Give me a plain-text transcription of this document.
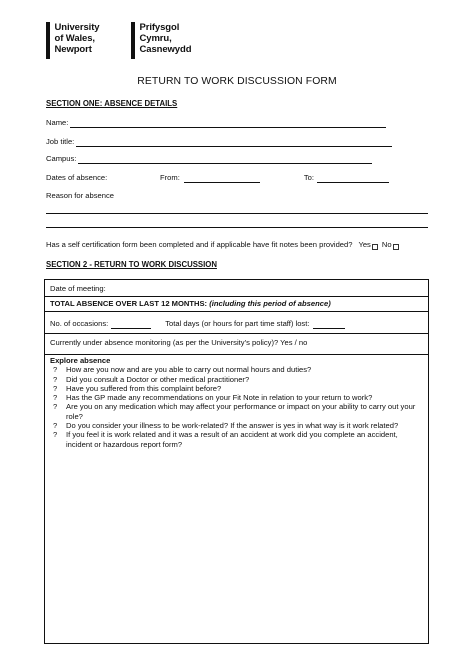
University
of Wales,
Newport
Prifysgol
Cymru,
Casnewydd
RETURN TO WORK DISCUSSION FORM
SECTION ONE: ABSENCE DETAILS
Name:
Job title:
Campus:
Dates of absence:	From:	To:
Reason for absence
Has a self certification form been completed and if applicable have fit notes been provided? Yes No
SECTION 2 - RETURN TO WORK DISCUSSION
Date of meeting:
TOTAL ABSENCE OVER LAST 12 MONTHS: (including this period of absence)
No. of occasions:	Total days (or hours for part time staff) lost:
Currently under absence monitoring (as per the University’s policy)? Yes / no
Explore absence
?	How are you now and are you able to carry out normal hours and duties?
?	Did you consult a Doctor or other medical practitioner?
?	Have you suffered from this complaint before?
?	Has the GP made any recommendations on your Fit Note in relation to your return to work?
?	Are you on any medication which may affect your performance or impact on your ability to carry out your role?
?	Do you consider your illness to be work-related? If the answer is yes in what way is it work related?
?	If you feel it is work related and it was a result of an accident at work did you complete an accident, incident or hazardous report form?
